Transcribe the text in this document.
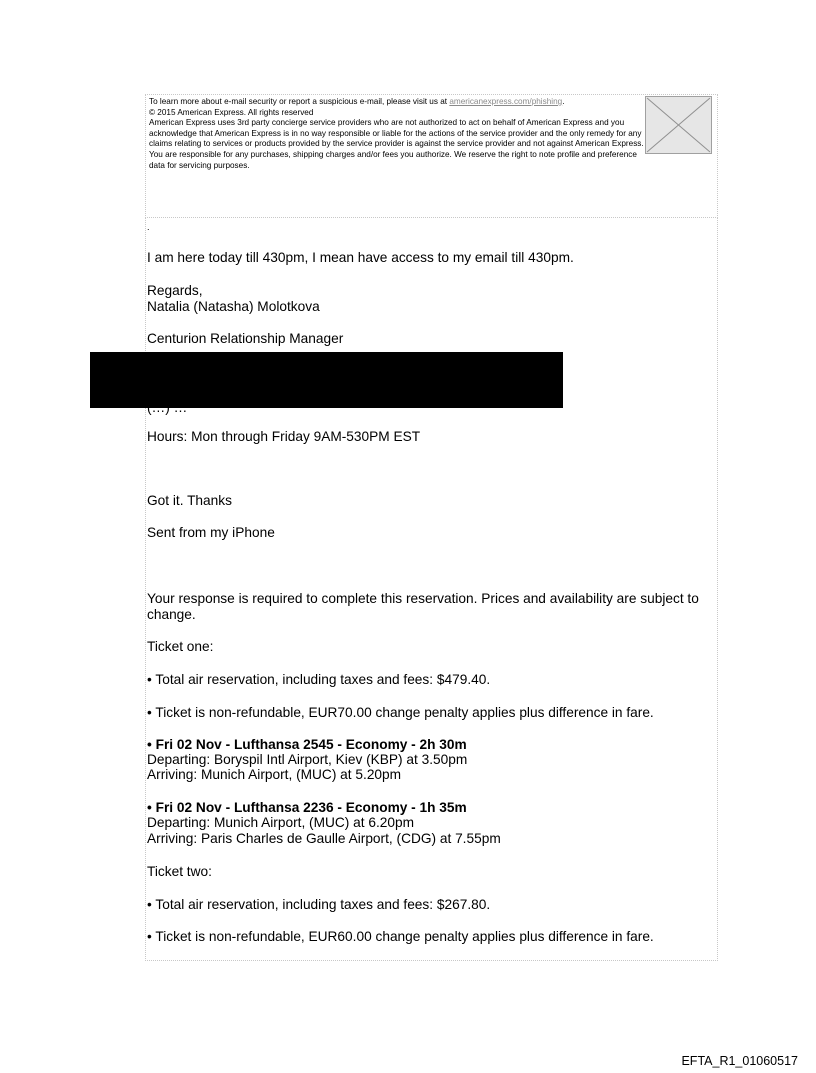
To learn more about e-mail security or report a suspicious e-mail, please visit us at americanexpress.com/phishing.

© 2015 American Express. All rights reserved

American Express uses 3rd party concierge service providers who are not authorized to act on behalf of American Express and you acknowledge that American Express is in no way responsible or liable for the actions of the service provider and the only remedy for any claims relating to services or products provided by the service provider is against the service provider and not against American Express. You are responsible for any purchases, shipping charges and/or fees you authorize. We reserve the right to note profile and preference data for servicing purposes.

.
I am here today till 430pm, I mean have access to my email till 430pm.
Regards,
Natalia (Natasha) Molotkova
Centurion Relationship Manager
Hours: Mon through Friday 9AM-530PM EST
Got it. Thanks
Sent from my iPhone
Your response is required to complete this reservation. Prices and availability are subject to
change.
Ticket one:
• Total air reservation, including taxes and fees: $479.40.
• Ticket is non-refundable, EUR70.00 change penalty applies plus difference in fare.
• Fri 02 Nov - Lufthansa 2545 - Economy - 2h 30m
Departing: Boryspil Intl Airport, Kiev (KBP) at 3.50pm
Arriving: Munich Airport, (MUC) at 5.20pm
• Fri 02 Nov - Lufthansa 2236 - Economy - 1h 35m
Departing: Munich Airport, (MUC) at 6.20pm
Arriving: Paris Charles de Gaulle Airport, (CDG) at 7.55pm
Ticket two:
• Total air reservation, including taxes and fees: $267.80.
• Ticket is non-refundable, EUR60.00 change penalty applies plus difference in fare.
EFTA_R1_01060517
